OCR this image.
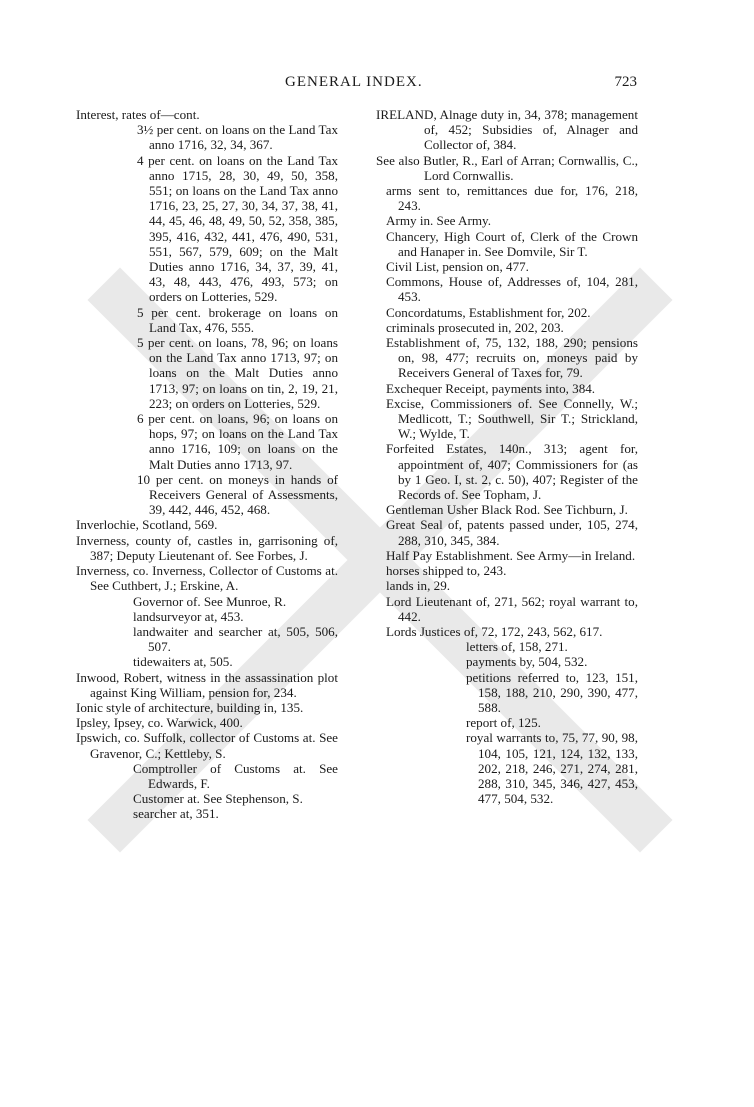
GENERAL INDEX.	723
Interest, rates of—cont.
3½ per cent. on loans on the Land Tax anno 1716, 32, 34, 367.
4 per cent. on loans on the Land Tax anno 1715, 28, 30, 49, 50, 358, 551; on loans on the Land Tax anno 1716, 23, 25, 27, 30, 34, 37, 38, 41, 44, 45, 46, 48, 49, 50, 52, 358, 385, 395, 416, 432, 441, 476, 490, 531, 551, 567, 579, 609; on the Malt Duties anno 1716, 34, 37, 39, 41, 43, 48, 443, 476, 493, 573; on orders on Lotteries, 529.
5 per cent. brokerage on loans on Land Tax, 476, 555.
5 per cent. on loans, 78, 96; on loans on the Land Tax anno 1713, 97; on loans on the Malt Duties anno 1713, 97; on loans on tin, 2, 19, 21, 223; on orders on Lotteries, 529.
6 per cent. on loans, 96; on loans on hops, 97; on loans on the Land Tax anno 1716, 109; on loans on the Malt Duties anno 1713, 97.
10 per cent. on moneys in hands of Receivers General of Assessments, 39, 442, 446, 452, 468.
Inverlochie, Scotland, 569.
Inverness, county of, castles in, garrisoning of, 387; Deputy Lieutenant of. See Forbes, J.
Inverness, co. Inverness, Collector of Customs at. See Cuthbert, J.; Erskine, A.
Governor of. See Munroe, R.
landsurveyor at, 453.
landwaiter and searcher at, 505, 506, 507.
tidewaiters at, 505.
Inwood, Robert, witness in the assassination plot against King William, pension for, 234.
Ionic style of architecture, building in, 135.
Ipsley, Ipsey, co. Warwick, 400.
Ipswich, co. Suffolk, collector of Customs at. See Gravenor, C.; Kettleby, S.
Comptroller of Customs at. See Edwards, F.
Customer at. See Stephenson, S.
searcher at, 351.
IRELAND, Alnage duty in, 34, 378; management of, 452; Subsidies of, Alnager and Collector of, 384.
See also Butler, R., Earl of Arran; Cornwallis, C., Lord Cornwallis.
arms sent to, remittances due for, 176, 218, 243.
Army in. See Army.
Chancery, High Court of, Clerk of the Crown and Hanaper in. See Domvile, Sir T.
Civil List, pension on, 477.
Commons, House of, Addresses of, 104, 281, 453.
Concordatums, Establishment for, 202.
criminals prosecuted in, 202, 203.
Establishment of, 75, 132, 188, 290; pensions on, 98, 477; recruits on, moneys paid by Receivers General of Taxes for, 79.
Exchequer Receipt, payments into, 384.
Excise, Commissioners of. See Connelly, W.; Medlicott, T.; Southwell, Sir T.; Strickland, W.; Wylde, T.
Forfeited Estates, 140n., 313; agent for, appointment of, 407; Commissioners for (as by 1 Geo. I, st. 2, c. 50), 407; Register of the Records of. See Topham, J.
Gentleman Usher Black Rod. See Tichburn, J.
Great Seal of, patents passed under, 105, 274, 288, 310, 345, 384.
Half Pay Establishment. See Army—in Ireland.
horses shipped to, 243.
lands in, 29.
Lord Lieutenant of, 271, 562; royal warrant to, 442.
Lords Justices of, 72, 172, 243, 562, 617.
letters of, 158, 271.
payments by, 504, 532.
petitions referred to, 123, 151, 158, 188, 210, 290, 390, 477, 588.
report of, 125.
royal warrants to, 75, 77, 90, 98, 104, 105, 121, 124, 132, 133, 202, 218, 246, 271, 274, 281, 288, 310, 345, 346, 427, 453, 477, 504, 532.
